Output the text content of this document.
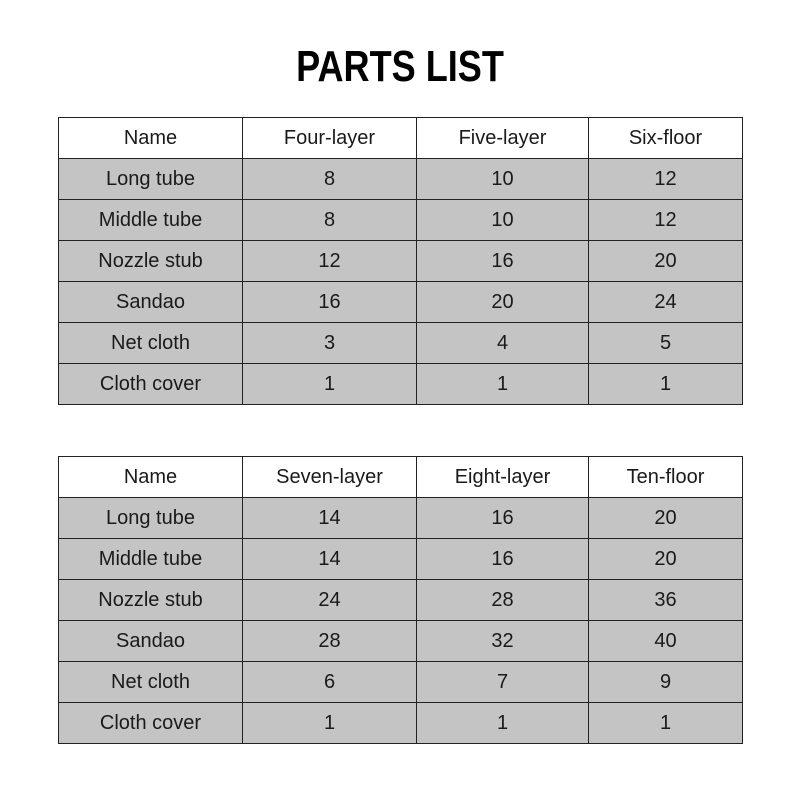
PARTS LIST
Name	Four-layer	Five-layer	Six-floor
Long tube	8	10	12
Middle tube	8	10	12
Nozzle stub	12	16	20
Sandao	16	20	24
Net cloth	3	4	5
Cloth cover	1	1	1
Name	Seven-layer	Eight-layer	Ten-floor
Long tube	14	16	20
Middle tube	14	16	20
Nozzle stub	24	28	36
Sandao	28	32	40
Net cloth	6	7	9
Cloth cover	1	1	1
